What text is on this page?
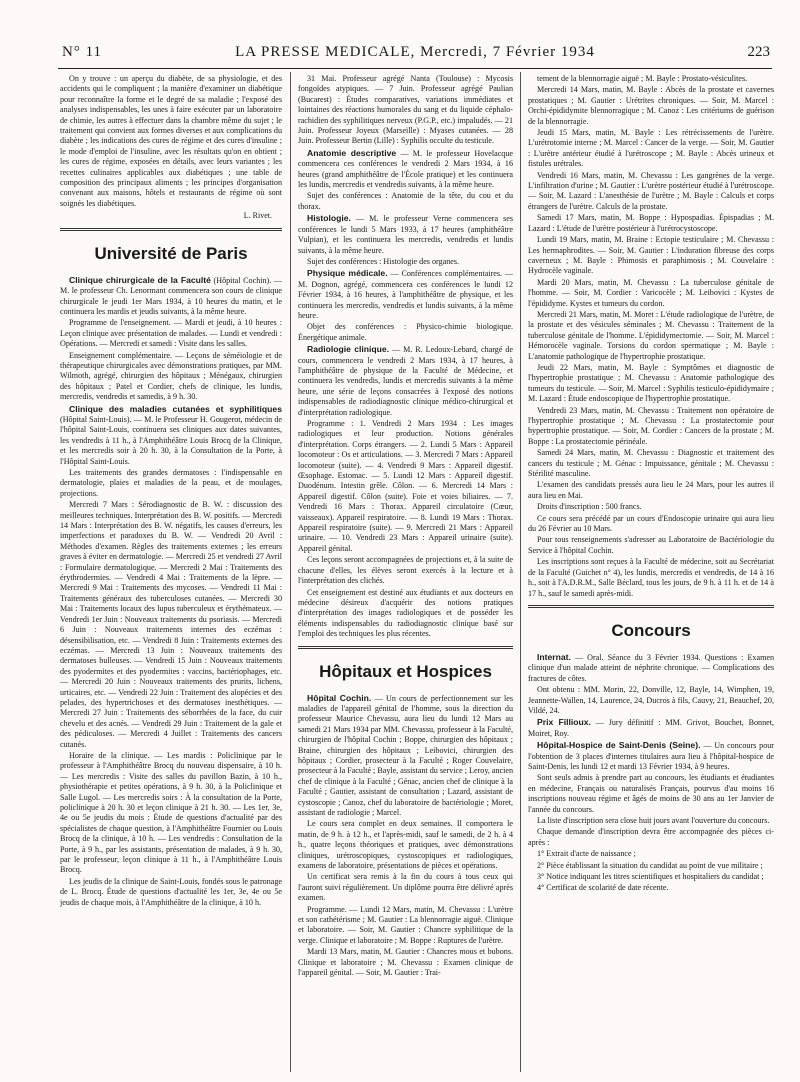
N° 11	LA PRESSE MEDICALE, Mercredi, 7 Février 1934	223

On y trouve : un aperçu du diabète, de sa physiologie, et des accidents qui le compliquent ; la manière d'examiner un diabétique pour reconnaître la forme et le degré de sa maladie ; l'exposé des analyses indispensables, les unes à faire exécuter par un laboratoire de chimie, les autres à effectuer dans la chambre même du sujet ; le traitement qui convient aux formes diverses et aux complications du diabète ; les indications des cures de régime et des cures d'insuline ; le mode d'emploi de l'insuline, avec les résultats qu'on en obtient ; les cures de régime, exposées en détails, avec leurs variantes ; les recettes culinaires applicables aux diabétiques ; une table de composition des principaux aliments ; les principes d'organisation convenant aux maisons, hôtels et restaurants de régime où sont soignés les diabétiques.

L. Rivet.
Université de Paris

Clinique chirurgicale de la Faculté (Hôpital Cochin). — M. le professeur Ch. Lenormant commencera son cours de clinique chirurgicale le jeudi 1er Mars 1934, à 10 heures du matin, et le continuera les mardis et jeudis suivants, à la même heure.

Programme de l'enseignement. — Mardi et jeudi, à 10 heures : Leçon clinique avec présentation de malades. — Lundi et vendredi : Opérations. — Mercredi et samedi : Visite dans les salles.

Enseignement complémentaire. — Leçons de séméiologie et de thérapeutique chirurgicales avec démonstrations pratiques, par MM. Wilmoth, agrégé, chirurgien des hôpitaux ; Ménégaux, chirurgien des hôpitaux ; Patel et Cordier, chefs de clinique, les lundis, mercredis, vendredis et samedis, à 9 h. 30.

Clinique des maladies cutanées et syphilitiques (Hôpital Saint-Louis). — M. le Professeur H. Gougerot, médecin de l'hôpital Saint-Louis, continuera ses cliniques aux dates suivantes, les vendredis à 11 h., à l'Amphithéâtre Louis Brocq de la Clinique, et les mercredis soir à 20 h. 30, à la Consultation de la Porte, à l'Hôpital Saint-Louis.

Les traitements des grandes dermatoses : l'indispensable en dermatologie, plaies et maladies de la peau, et de moulages, projections.

Mercredi 7 Mars : Sérodiagnostic de B. W. : discussion des meilleures techniques. Interprétation des B. W. positifs. — Mercredi 14 Mars : Interprétation des B. W. négatifs, les causes d'erreurs, les imperfections et paradoxes du B. W. — Vendredi 20 Avril : Méthodes d'examen. Règles des traitements externes ; les erreurs graves à éviter en dermatologie. — Mercredi 25 et vendredi 27 Avril : Formulaire dermatologique. — Mercredi 2 Mai : Traitements des érythrodermies. — Vendredi 4 Mai : Traitements de la lèpre. — Mercredi 9 Mai : Traitements des mycoses. — Vendredi 11 Mai : Traitements généraux des tuberculoses cutanées. — Mercredi 30 Mai : Traitements locaux des lupus tuberculeux et érythémateux. — Vendredi 1er Juin : Nouveaux traitements du psoriasis. — Mercredi 6 Juin : Nouveaux traitements internes des eczémas : désensibilisation, etc. — Vendredi 8 Juin : Traitements externes des eczémas. — Mercredi 13 Juin : Nouveaux traitements des dermatoses bulleuses. — Vendredi 15 Juin : Nouveaux traitements des pyodermites et des pyodermites : vaccins, bactériophages, etc. — Mercredi 20 Juin : Nouveaux traitements des prurits, lichens, urticaires, etc. — Vendredi 22 Juin : Traitement des alopécies et des pelades, des hypertrichoses et des dermatoses inesthétiques. — Mercredi 27 Juin : Traitements des séborrhées de la face, du cuir chevelu et des acnés. — Vendredi 29 Juin : Traitement de la gale et des pédiculoses. — Mercredi 4 Juillet : Traitements des cancers cutanés.

Horaire de la clinique. — Les mardis : Policlinique par le professeur à l'Amphithéâtre Brocq du nouveau dispensaire, à 10 h. — Les mercredis : Visite des salles du pavillon Bazin, à 10 h., physiothérapie et petites opérations, à 9 h. 30, à la Policlinique et Salle Lugol. — Les mercredis soirs : À la consultation de la Porte, policlinique à 20 h. 30 et leçon clinique à 21 h. 30. — Les 1er, 3e, 4e ou 5e jeudis du mois : Étude de questions d'actualité par des spécialistes de chaque question, à l'Amphithéâtre Fournier ou Louis Brocq de la clinique, à 10 h. — Les vendredis : Consultation de la Porte, à 9 h., par les assistants, présentation de malades, à 9 h. 30, par le professeur, leçon clinique à 11 h., à l'Amphithéâtre Louis Brocq.

Les jeudis de la clinique de Saint-Louis, fondés sous le patronage de L. Brocq. Étude de questions d'actualité les 1er, 3e, 4e ou 5e jeudis de chaque mois, à l'Amphithéâtre de la clinique, à 10 h.

31 Mai. Professeur agrégé Nanta (Toulouse) : Mycosis fongoïdes atypiques. — 7 Juin. Professeur agrégé Paulian (Bucarest) : Études comparatives, variations immédiates et lointaines des réactions humorales du sang et du liquide céphalo-rachidien des syphilitiques nerveux (P.G.P., etc.) impaludés. — 21 Juin. Professeur Joyeux (Marseille) : Myases cutanées. — 28 Juin. Professeur Bertin (Lille) : Syphilis occulte du testicule.

Anatomie descriptive — M. le professeur Hovelacque commencera ces conférences le vendredi 2 Mars 1934, à 16 heures (grand amphithéâtre de l'École pratique) et les continuera les lundis, mercredis et vendredis suivants, à la même heure.

Sujet des conférences : Anatomie de la tête, du cou et du thorax.

Histologie. — M. le professeur Verne commencera ses conférences le lundi 5 Mars 1933, à 17 heures (amphithéâtre Vulpian), et les continuera les mercredis, vendredis et lundis suivants, à la même heure.

Sujet des conférences : Histologie des organes.

Physique médicale. — Conférences complémentaires. — M. Dognon, agrégé, commencera ces conférences le lundi 12 Février 1934, à 16 heures, à l'amphithéâtre de physique, et les continuera les mercredis, vendredis et lundis suivants, à la même heure.

Objet des conférences : Physico-chimie biologique. Énergétique animale.

Radiologie clinique. — M. R. Ledoux-Lebard, chargé de cours, commencera le vendredi 2 Mars 1934, à 17 heures, à l'amphithéâtre de physique de la Faculté de Médecine, et continuera les vendredis, lundis et mercredis suivants à la même heure, une série de leçons consacrées à l'exposé des notions indispensables de radiodiagnostic clinique médico-chirurgical et d'interprétation radiologique.

Programme : 1. Vendredi 2 Mars 1934 : Les images radiologiques et leur production. Notions générales d'interprétation. Corps étrangers. — 2. Lundi 5 Mars : Appareil locomoteur : Os et articulations. — 3. Mercredi 7 Mars : Appareil locomoteur (suite). — 4. Vendredi 9 Mars : Appareil digestif. Œsophage. Estomac. — 5. Lundi 12 Mars : Appareil digestif. Duodénum. Intestin grêle. Côlon. — 6. Mercredi 14 Mars : Appareil digestif. Côlon (suite). Foie et voies biliaires. — 7. Vendredi 16 Mars : Thorax. Appareil circulatoire (Cœur, vaisseaux). Appareil respiratoire. — 8. Lundi 19 Mars : Thorax. Appareil respiratoire (suite). — 9. Mercredi 21 Mars : Appareil urinaire. — 10. Vendredi 23 Mars : Appareil urinaire (suite). Appareil génital.

Ces leçons seront accompagnées de projections et, à la suite de chacune d'elles, les élèves seront exercés à la lecture et à l'interprétation des clichés.

Cet enseignement est destiné aux étudiants et aux docteurs en médecine désireux d'acquérir des notions pratiques d'interprétation des images radiologiques et de posséder les éléments indispensables du radiodiagnostic clinique basé sur l'emploi des techniques les plus récentes.

Hôpitaux et Hospices

Hôpital Cochin. — Un cours de perfectionnement sur les maladies de l'appareil génital de l'homme, sous la direction du professeur Maurice Chevassu, aura lieu du lundi 12 Mars au samedi 21 Mars 1934 par MM. Chevassu, professeur à la Faculté, chirurgien de l'hôpital Cochin ; Boppe, chirurgien des hôpitaux ; Braine, chirurgien des hôpitaux ; Leibovici, chirurgien des hôpitaux ; Cordier, prosecteur à la Faculté ; Roger Couvelaire, prosecteur à la Faculté ; Bayle, assistant du service ; Leroy, ancien chef de clinique à la Faculté ; Génac, ancien chef de clinique à la Faculté ; Gautier, assistant de consultation ; Lazard, assistant de cystoscopie ; Canoz, chef du laboratoire de bactériologie ; Moret, assistant de radiologie ; Marcel.

Le cours sera complet en deux semaines. Il comportera le matin, de 9 h. à 12 h., et l'après-midi, sauf le samedi, de 2 h. à 4 h., quatre leçons théoriques et pratiques, avec démonstrations cliniques, urétroscopiques, cystoscopiques et radiologiques, examens de laboratoire, présentations de pièces et opérations.

Un certificat sera remis à la fin du cours à tous ceux qui l'auront suivi régulièrement. Un diplôme pourra être délivré après examen.

Programme. — Lundi 12 Mars, matin, M. Chevassu : L'urètre et son cathétérisme ; M. Gautier : La blennorragie aiguë. Clinique et laboratoire. — Soir, M. Gautier : Chancre syphilitique de la verge. Clinique et laboratoire ; M. Boppe : Ruptures de l'urètre.

Mardi 13 Mars, matin, M. Gautier : Chancres mous et bubons. Clinique et laboratoire ; M. Chevassu : Examen clinique de l'appareil génital. — Soir, M. Gautier : Trai-

tement de la blennorragie aiguë ; M. Bayle : Prostato-vésiculites.

Mercredi 14 Mars, matin, M. Bayle : Abcès de la prostate et cavernes prostatiques ; M. Gautier : Urétrites chroniques. — Soir, M. Marcel : Orchi-épididymite blennorragique ; M. Canoz : Les critériums de guérison de la blennorragie.

Jeudi 15 Mars, matin, M. Bayle : Les rétrécissements de l'urètre. L'urétrotomie interne ; M. Marcel : Cancer de la verge. — Soir, M. Gautier : L'urètre antérieur étudié à l'urétroscope ; M. Bayle : Abcès urineux et fistules urétrales.

Vendredi 16 Mars, matin, M. Chevassu : Les gangrènes de la verge. L'infiltration d'urine ; M. Gautier : L'urètre postérieur étudié à l'urétroscope. — Soir, M. Lazard : L'anesthésie de l'urètre ; M. Bayle : Calculs et corps étrangers de l'urètre. Calculs de la prostate.

Samedi 17 Mars, matin, M. Boppe : Hypospadias. Épispadias ; M. Lazard : L'étude de l'urètre postérieur à l'urétrocystoscope.

Lundi 19 Mars, matin, M. Braine : Ectopie testiculaire ; M. Chevassu : Les hermaphrodites. — Soir, M. Gautier : L'induration fibreuse des corps caverneux ; M. Bayle : Phimosis et paraphimosis ; M. Couvelaire : Hydrocèle vaginale.

Mardi 20 Mars, matin, M. Chevassu : La tuberculose génitale de l'homme. — Soir, M. Cordier : Varicocèle ; M. Leibovici : Kystes de l'épididyme. Kystes et tumeurs du cordon.

Mercredi 21 Mars, matin, M. Moret : L'étude radiologique de l'urètre, de la prostate et des vésicules séminales ; M. Chevassu : Traitement de la tuberculose génitale de l'homme. L'épididymectomie. — Soir, M. Marcel : Hémorocèle vaginale. Torsions du cordon spermatique ; M. Bayle : L'anatomie pathologique de l'hypertrophie prostatique.

Jeudi 22 Mars, matin, M. Bayle : Symptômes et diagnostic de l'hypertrophie prostatique ; M. Chevassu : Anatomie pathologique des tumeurs du testicule. — Soir, M. Marcel : Syphilis testiculo-épididymaire ; M. Lazard : Étude endoscopique de l'hypertrophie prostatique.

Vendredi 23 Mars, matin, M. Chevassu : Traitement non opératoire de l'hypertrophie prostatique ; M. Chevassu : La prostatectomie pour hypertrophie prostatique. — Soir, M. Cordier : Cancers de la prostate ; M. Boppe : La prostatectomie périnéale.

Samedi 24 Mars, matin, M. Chevassu : Diagnostic et traitement des cancers du testicule ; M. Génac : Impuissance, génitale ; M. Chevassu : Stérilité masculine.

L'examen des candidats pressés aura lieu le 24 Mars, pour les autres il aura lieu en Mai.

Droits d'inscription : 500 francs.

Ce cours sera précédé par un cours d'Endoscopie urinaire qui aura lieu du 26 Février au 10 Mars.

Pour tous renseignements s'adresser au Laboratoire de Bactériologie du Service à l'hôpital Cochin.

Les inscriptions sont reçues à la Faculté de médecine, soit au Secrétariat de la Faculté (Guichet n° 4), les lundis, mercredis et vendredis, de 14 à 16 h., soit à l'A.D.R.M., Salle Béclard, tous les jours, de 9 h. à 11 h. et de 14 à 17 h., sauf le samedi après-midi.

Concours

Internat. — Oral. Séance du 3 Février 1934. Questions : Examen clinique d'un malade atteint de néphrite chronique. — Complications des fractures de côtes.

Ont obtenu : MM. Morin, 22, Donville, 12, Bayle, 14, Wimphen, 19, Jeannette-Wallen, 14, Laurence, 24, Ducros à fils, Cauvy, 21, Beauchef, 20, Vildé, 24.

Prix Fillioux. — Jury définitif : MM. Grivot, Bouchet, Bonnet, Moiret, Roy.

Hôpital-Hospice de Saint-Denis (Seine). — Un concours pour l'obtention de 3 places d'internes titulaires aura lieu à l'hôpital-hospice de Saint-Denis, les lundi 12 et mardi 13 Février 1934, à 9 heures.

Sont seuls admis à prendre part au concours, les étudiants et étudiantes en médecine, Français ou naturalisés Français, pourvus d'au moins 16 inscriptions nouveau régime et âgés de moins de 30 ans au 1er Janvier de l'année du concours.

La liste d'inscription sera close huit jours avant l'ouverture du concours.

Chaque demande d'inscription devra être accompagnée des pièces ci-après :

1° Extrait d'acte de naissance ;

2° Pièce établissant la situation du candidat au point de vue militaire ;

3° Notice indiquant les titres scientifiques et hospitaliers du candidat ;

4° Certificat de scolarité de date récente.
